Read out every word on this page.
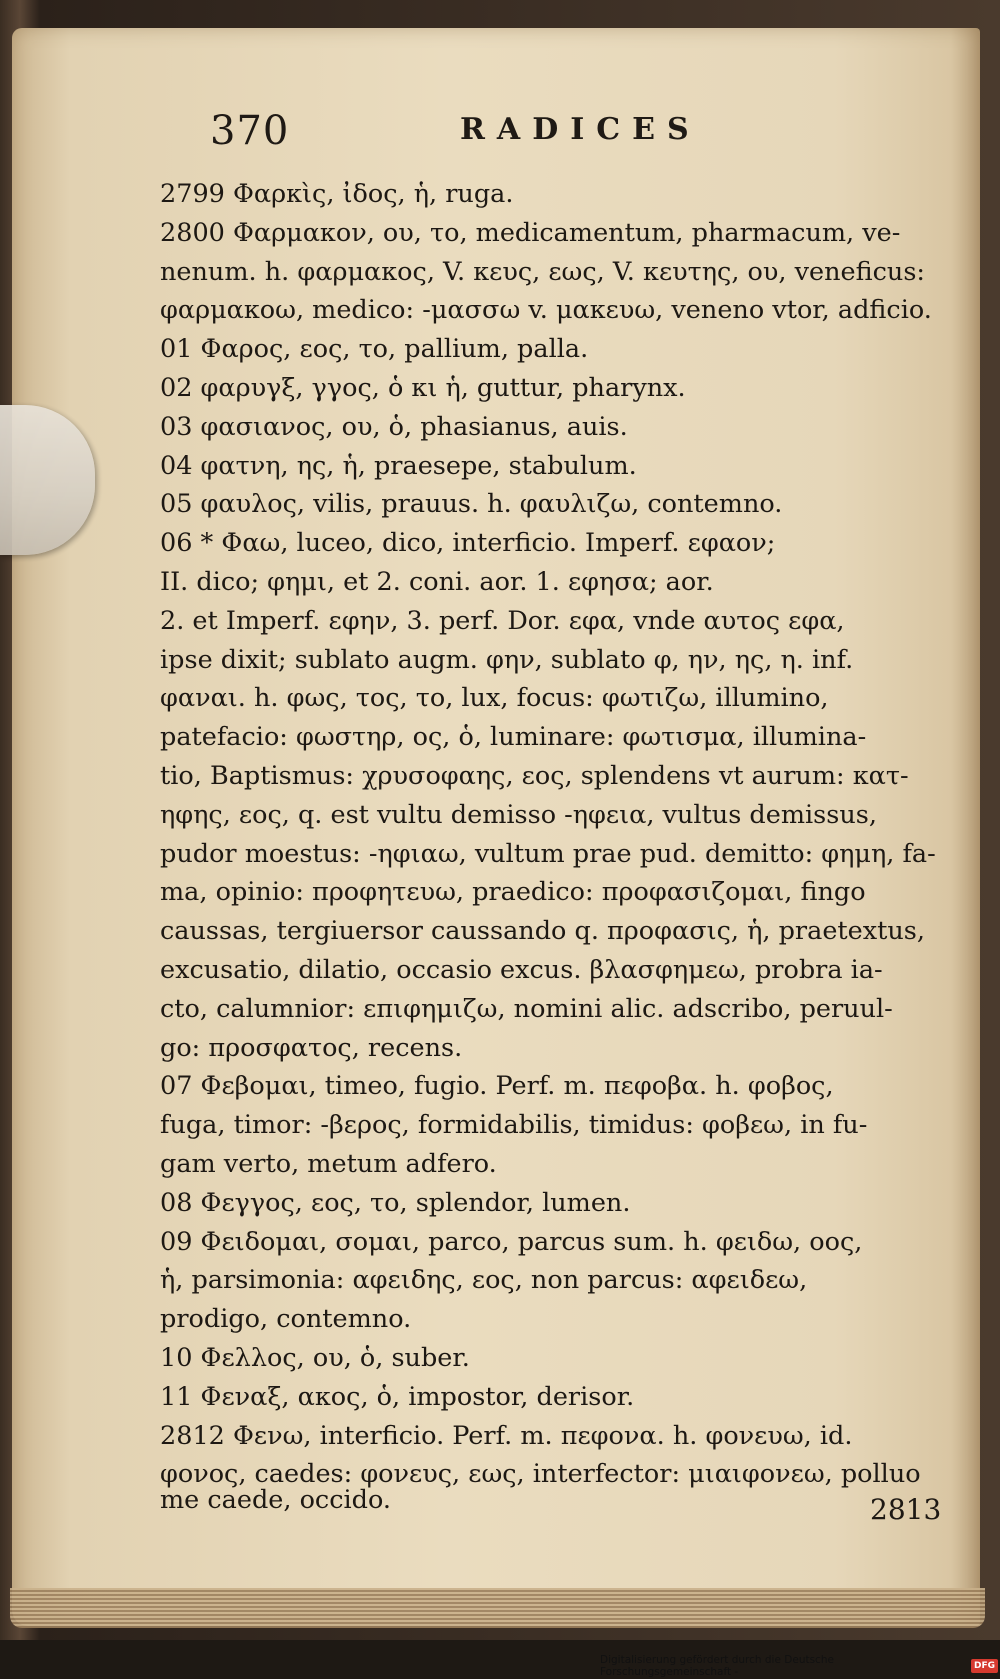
370	RADICES
2799 Φαρκὶς, ἰδος, ἡ, ruga.
2800 Φαρμακον, ου, το, medicamentum, pharmacum, ve-
nenum. h. φαρμακος, V. κευς, εως, V. κευτης, ου, veneficus:
φαρμακοω, medico: -μασσω v. μακευω, veneno vtor, adficio.
01 Φαρος, εος, το, pallium, palla.
02 φαρυγξ, γγος, ὁ κι ἡ, guttur, pharynx.
03 φασιανος, ου, ὁ, phasianus, auis.
04 φατνη, ης, ἡ, praesepe, stabulum.
05 φαυλος, vilis, prauus. h. φαυλιζω, contemno.
06 * Φαω, luceo, dico, interficio. Imperf. εφαον;
II. dico; φημι, et 2. coni. aor. 1. εφησα; aor.
2. et Imperf. εφην, 3. perf. Dor. εφα, vnde αυτος εφα,
ipse dixit; sublato augm. φην, sublato φ, ην, ης, η. inf.
φαναι. h. φως, τος, το, lux, focus: φωτιζω, illumino,
patefacio: φωστηρ, ος, ὁ, luminare: φωτισμα, illumina-
tio, Baptismus: χρυσοφαης, εος, splendens vt aurum: κατ-
ηφης, εος, q. est vultu demisso -ηφεια, vultus demissus,
pudor moestus: -ηφιαω, vultum prae pud. demitto: φημη, fa-
ma, opinio: προφητευω, praedico: προφασιζομαι, fingo
caussas, tergiuersor caussando q. προφασις, ἡ, praetextus,
excusatio, dilatio, occasio excus. βλασφημεω, probra ia-
cto, calumnior: επιφημιζω, nomini alic. adscribo, peruul-
go: προσφατος, recens.
07 Φεβομαι, timeo, fugio. Perf. m. πεφοβα. h. φοβος,
fuga, timor: -βερος, formidabilis, timidus: φοβεω, in fu-
gam verto, metum adfero.
08 Φεγγος, εος, το, splendor, lumen.
09 Φειδομαι, σομαι, parco, parcus sum. h. φειδω, οος,
ἡ, parsimonia: αφειδης, εος, non parcus: αφειδεω,
prodigo, contemno.
10 Φελλος, ου, ὁ, suber.
11 Φεναξ, ακος, ὁ, impostor, derisor.
2812 Φενω, interficio. Perf. m. πεφονα. h. φονευω, id.
φονος, caedes: φονευς, εως, interfector: μιαιφονεω, polluo
me caede, occido.	2813
Digitalisierung gefördert durch die Deutsche Forschungsgemeinschaft -	DFG
